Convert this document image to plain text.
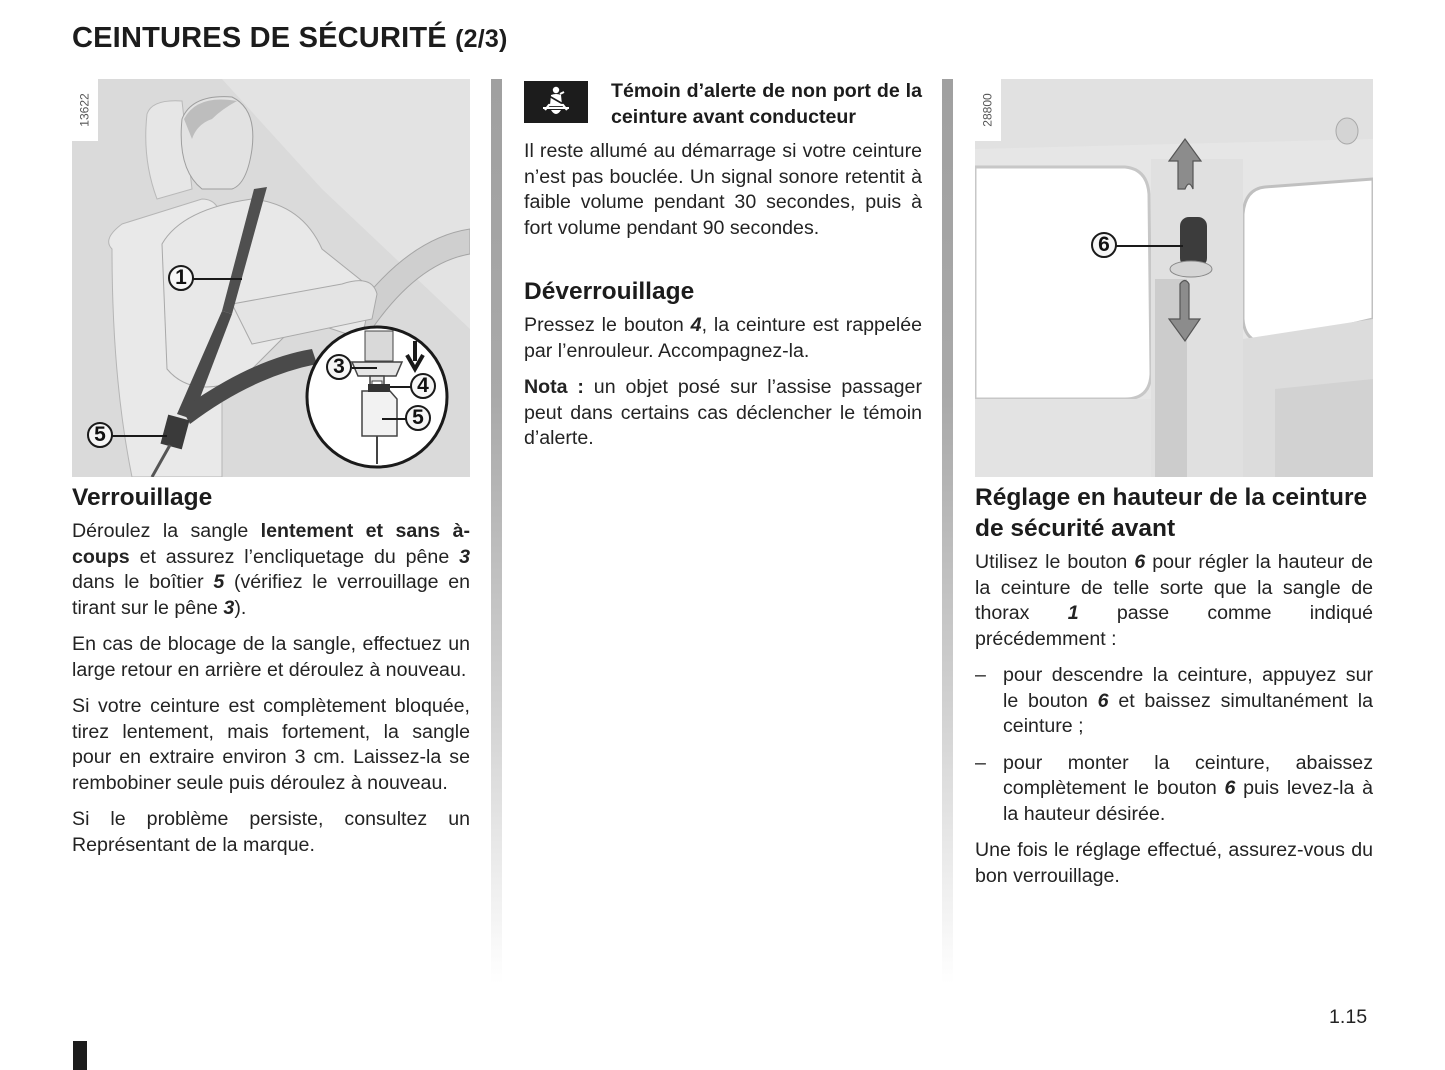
CEINTURES DE SÉCURITÉ (2/3)
13622
1
3
4
5
5
Verrouillage

Déroulez la sangle lentement et sans à-coups et assurez l’encliquetage du pêne 3 dans le boîtier 5 (vérifiez le verrouillage en tirant sur le pêne 3).

En cas de blocage de la sangle, effectuez un large retour en arrière et déroulez à nouveau.

Si votre ceinture est complètement bloquée, tirez lentement, mais fortement, la sangle pour en extraire environ 3 cm. Laissez-la se rembobiner seule puis déroulez à nouveau.

Si le problème persiste, consultez un Représentant de la marque.

Témoin d’alerte de non port de la ceinture avant conducteur

Il reste allumé au démarrage si votre ceinture n’est pas bouclée. Un signal sonore retentit à faible volume pendant 30 secondes, puis à fort volume pendant 90 secondes.

Déverrouillage

Pressez le bouton 4, la ceinture est rappelée par l’enrouleur. Accompagnez-la.

Nota : un objet posé sur l’assise passager peut dans certains cas déclencher le témoin d’alerte.

28800
6
Réglage en hauteur de la ceinture de sécurité avant

Utilisez le bouton 6 pour régler la hauteur de la ceinture de telle sorte que la sangle de thorax 1 passe comme indiqué précédemment :

– pour descendre la ceinture, appuyez sur le bouton 6 et baissez simultanément la ceinture ;
– pour monter la ceinture, abaissez complètement le bouton 6 puis levez-la à la hauteur désirée.

Une fois le réglage effectué, assurez-vous du bon verrouillage.

1.15
